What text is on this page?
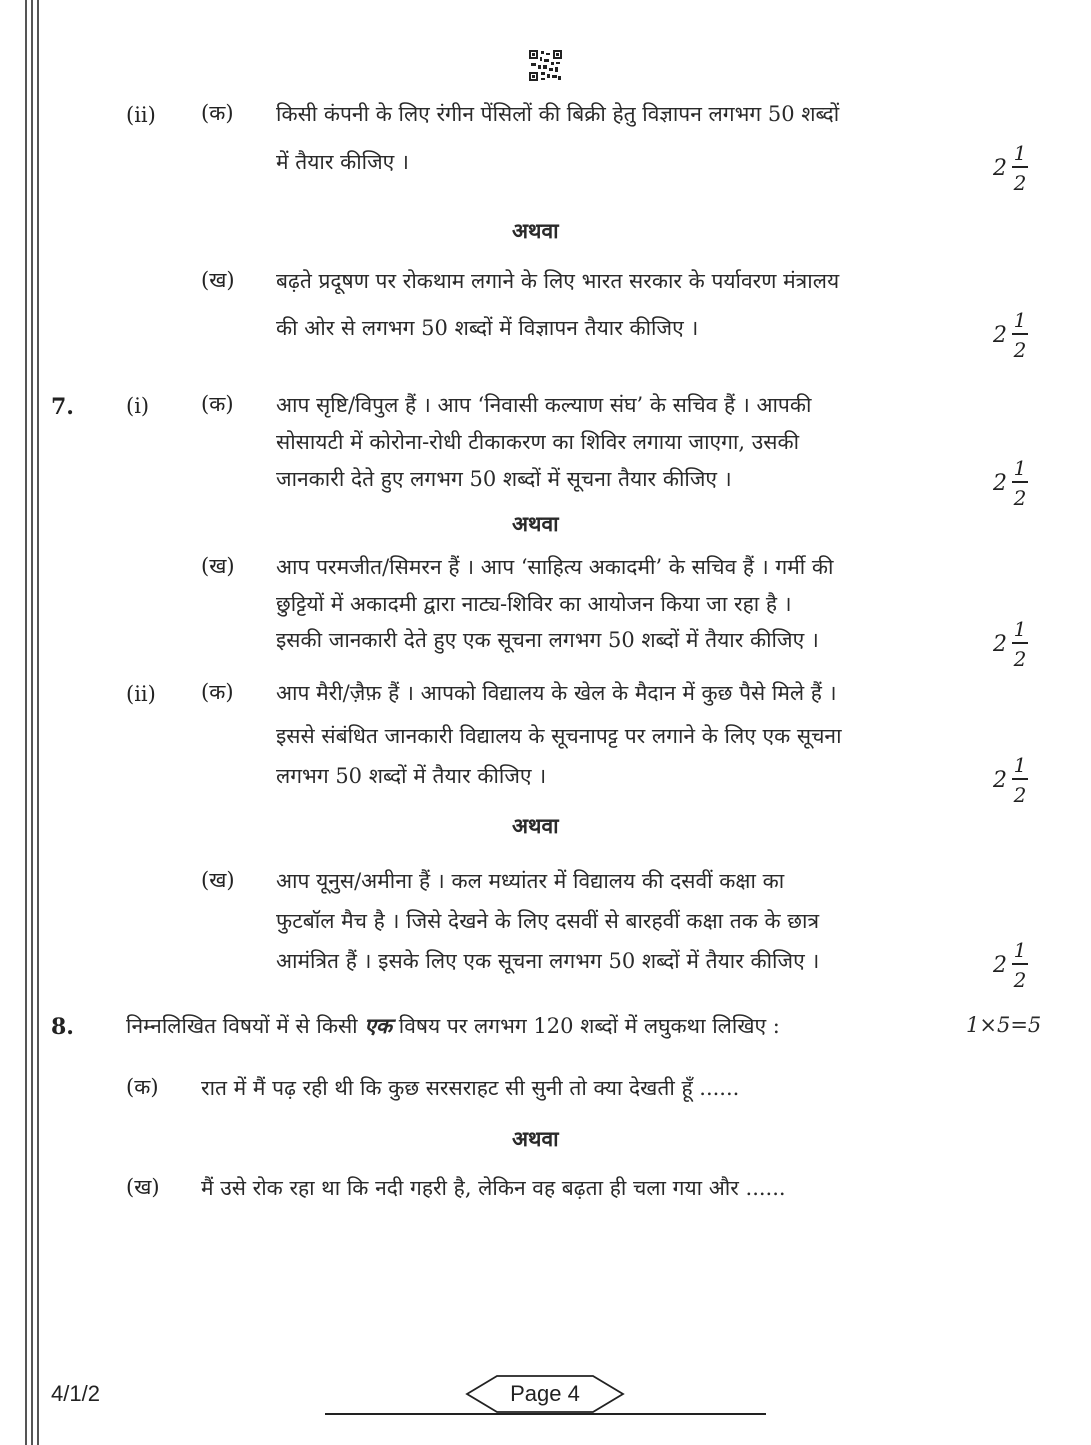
(ii) (क) किसी कंपनी के लिए रंगीन पेंसिलों की बिक्री हेतु विज्ञापन लगभग 50 शब्दों
में तैयार कीजिए ।	2
1
2
अथवा
(ख) बढ़ते प्रदूषण पर रोकथाम लगाने के लिए भारत सरकार के पर्यावरण मंत्रालय
की ओर से लगभग 50 शब्दों में विज्ञापन तैयार कीजिए ।	2
1
2
7. (i) (क) आप सृष्टि/विपुल हैं । आप ‘निवासी कल्याण संघ’ के सचिव हैं । आपकी
सोसायटी में कोरोना-रोधी टीकाकरण का शिविर लगाया जाएगा, उसकी
जानकारी देते हुए लगभग 50 शब्दों में सूचना तैयार कीजिए ।	2
1
2
अथवा
(ख) आप परमजीत/सिमरन हैं । आप ‘साहित्य अकादमी’ के सचिव हैं । गर्मी की
छुट्टियों में अकादमी द्वारा नाट्य-शिविर का आयोजन किया जा रहा है ।
इसकी जानकारी देते हुए एक सूचना लगभग 50 शब्दों में तैयार कीजिए ।	2
1
2
(ii) (क) आप मैरी/ज़ैफ़ हैं । आपको विद्यालय के खेल के मैदान में कुछ पैसे मिले हैं ।
इससे संबंधित जानकारी विद्यालय के सूचनापट्ट पर लगाने के लिए एक सूचना
लगभग 50 शब्दों में तैयार कीजिए ।	2
1
2
अथवा
(ख) आप यूनुस/अमीना हैं । कल मध्यांतर में विद्यालय की दसवीं कक्षा का
फुटबॉल मैच है । जिसे देखने के लिए दसवीं से बारहवीं कक्षा तक के छात्र
आमंत्रित हैं । इसके लिए एक सूचना लगभग 50 शब्दों में तैयार कीजिए ।	2
1
2
8. निम्नलिखित विषयों में से किसी एक विषय पर लगभग 120 शब्दों में लघुकथा लिखिए :	1×5=5
(क) रात में मैं पढ़ रही थी कि कुछ सरसराहट सी सुनी तो क्या देखती हूँ ......
अथवा
(ख) मैं उसे रोक रहा था कि नदी गहरी है, लेकिन वह बढ़ता ही चला गया और ......
4/1/2	Page 4
